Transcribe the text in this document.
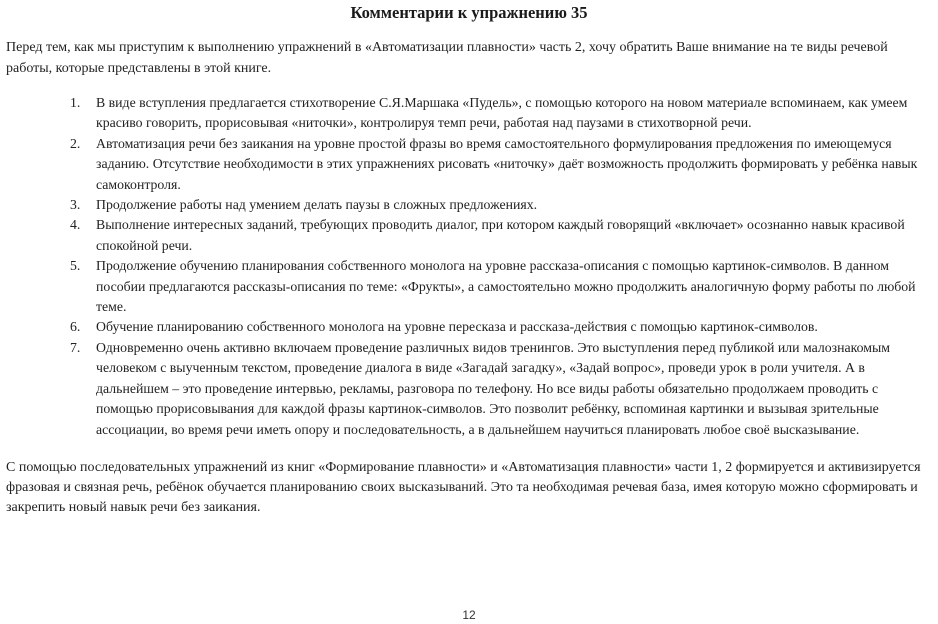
Комментарии к упражнению 35
Перед тем, как мы приступим к выполнению упражнений в «Автоматизации плавности» часть 2, хочу обратить Ваше внимание на те виды речевой работы, которые представлены в этой книге.
1. В виде вступления предлагается стихотворение С.Я.Маршака «Пудель», с помощью которого на новом материале вспоминаем, как умеем красиво говорить, прорисовывая «ниточки», контролируя темп речи, работая над паузами в стихотворной речи.
2. Автоматизация речи без заикания на уровне простой фразы во время самостоятельного формулирования предложения по имеющемуся заданию. Отсутствие необходимости в этих упражнениях рисовать «ниточку» даёт возможность продолжить формировать у ребёнка навык самоконтроля.
3. Продолжение работы над умением делать паузы в сложных предложениях.
4. Выполнение интересных заданий, требующих проводить диалог, при котором каждый говорящий «включает» осознанно навык красивой спокойной речи.
5. Продолжение обучению планирования собственного монолога на уровне рассказа-описания с помощью картинок-символов. В данном пособии предлагаются рассказы-описания по теме: «Фрукты», а самостоятельно можно продолжить аналогичную форму работы по любой теме.
6. Обучение планированию собственного монолога на уровне пересказа и рассказа-действия с помощью картинок-символов.
7. Одновременно очень активно включаем проведение различных видов тренингов. Это выступления перед публикой или малознакомым человеком с выученным текстом, проведение диалога в виде «Загадай загадку», «Задай вопрос», проведи урок в роли учителя. А в дальнейшем – это проведение интервью, рекламы, разговора по телефону. Но все виды работы обязательно продолжаем проводить с помощью прорисовывания для каждой фразы картинок-символов. Это позволит ребёнку, вспоминая картинки и вызывая зрительные ассоциации, во время речи иметь опору и последовательность, а в дальнейшем научиться планировать любое своё высказывание.
С помощью последовательных упражнений из книг «Формирование плавности» и «Автоматизация плавности» части 1, 2 формируется и активизируется фразовая и связная речь, ребёнок обучается планированию своих высказываний. Это та необходимая речевая база, имея которую можно сформировать и закрепить новый навык речи без заикания.
12
